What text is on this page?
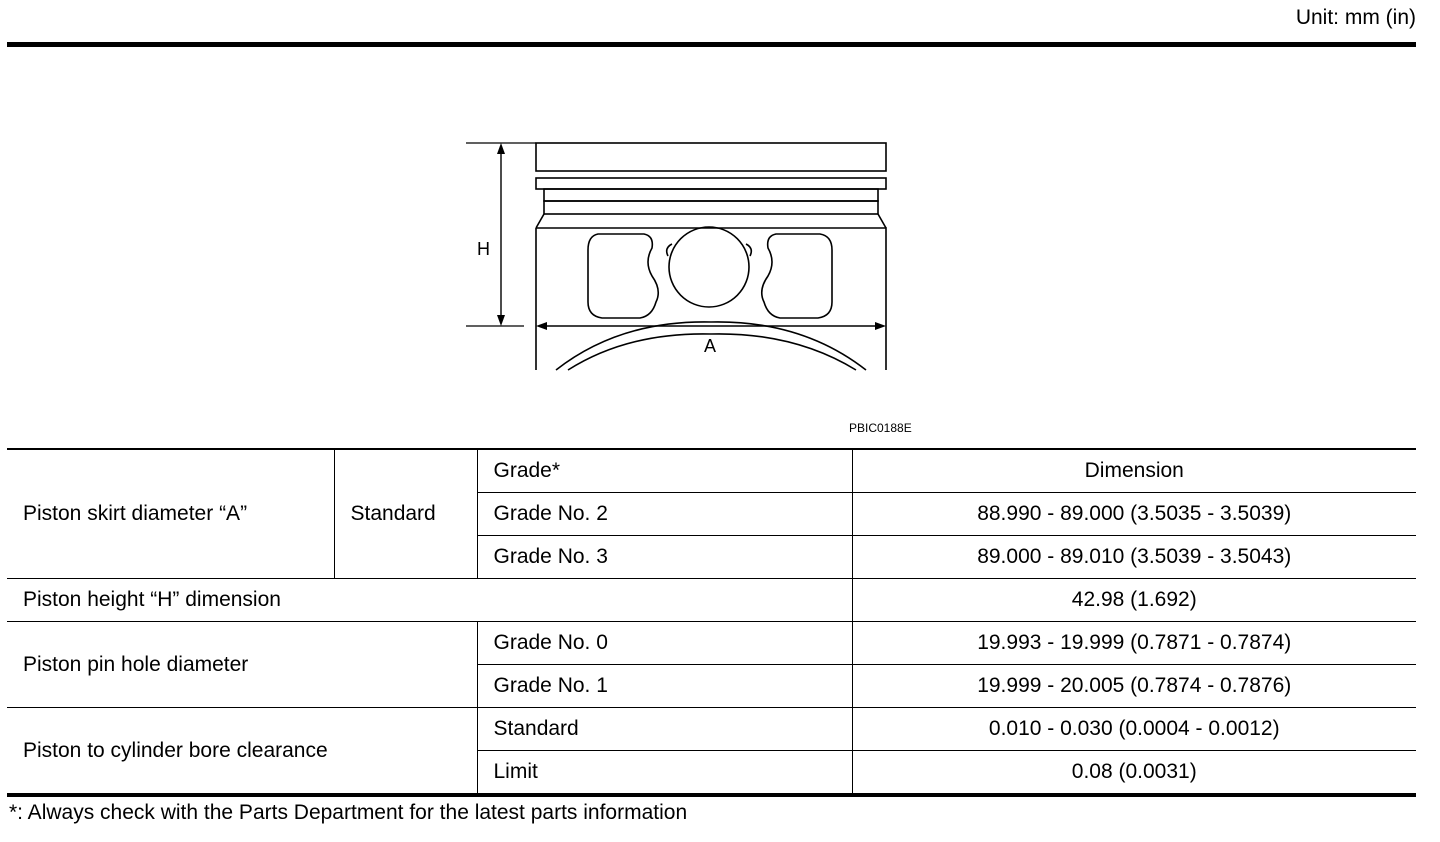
Unit: mm (in)
H
A
PBIC0188E
Piston skirt diameter “A”	Standard	Grade*	Dimension
		Grade No. 2	88.990 - 89.000 (3.5035 - 3.5039)
		Grade No. 3	89.000 - 89.010 (3.5039 - 3.5043)
Piston height “H” dimension			42.98 (1.692)
Piston pin hole diameter		Grade No. 0	19.993 - 19.999 (0.7871 - 0.7874)
		Grade No. 1	19.999 - 20.005 (0.7874 - 0.7876)
Piston to cylinder bore clearance		Standard	0.010 - 0.030 (0.0004 - 0.0012)
		Limit	0.08 (0.0031)
*: Always check with the Parts Department for the latest parts information
